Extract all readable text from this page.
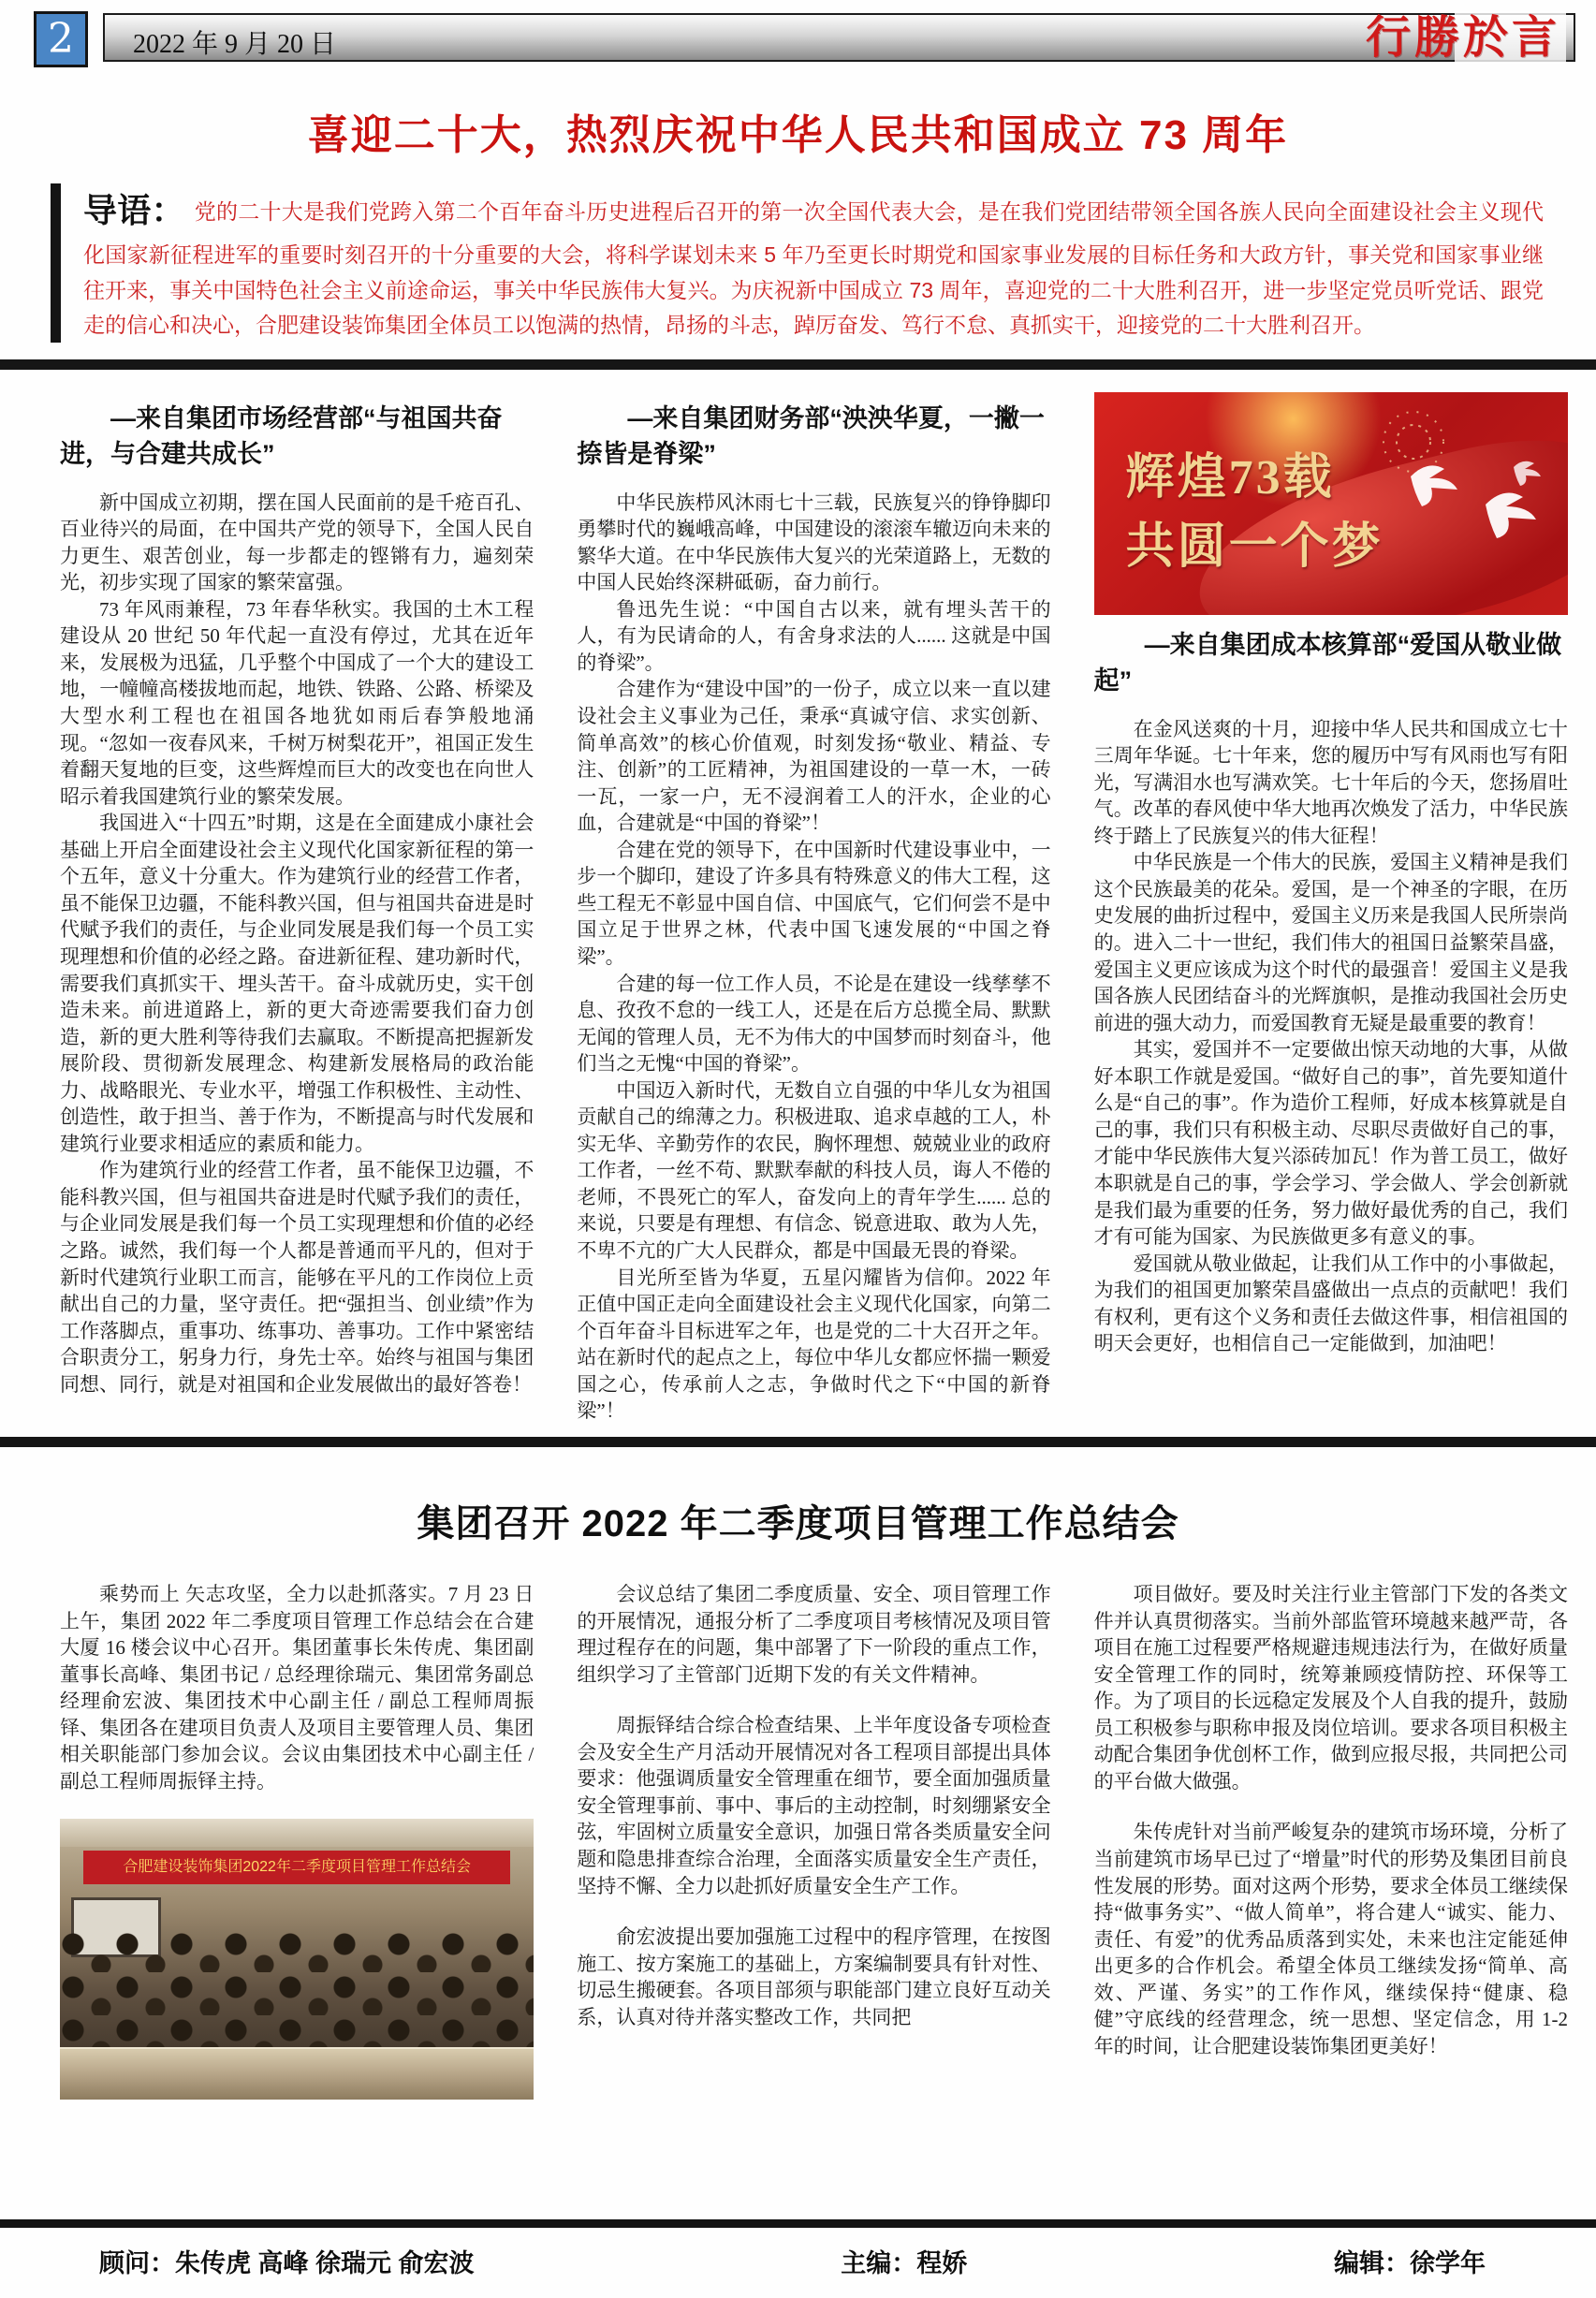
2	2022 年 9 月 20 日	行勝於言
喜迎二十大，热烈庆祝中华人民共和国成立 73 周年

导语： 党的二十大是我们党跨入第二个百年奋斗历史进程后召开的第一次全国代表大会，是在我们党团结带领全国各族人民向全面建设社会主义现代化国家新征程进军的重要时刻召开的十分重要的大会，将科学谋划未来 5 年乃至更长时期党和国家事业发展的目标任务和大政方针，事关党和国家事业继往开来，事关中国特色社会主义前途命运，事关中华民族伟大复兴。为庆祝新中国成立 73 周年，喜迎党的二十大胜利召开，进一步坚定党员听党话、跟党走的信心和决心，合肥建设装饰集团全体员工以饱满的热情，昂扬的斗志，踔厉奋发、笃行不怠、真抓实干，迎接党的二十大胜利召开。

—来自集团市场经营部“与祖国共奋进，与合建共成长”

新中国成立初期，摆在国人民面前的是千疮百孔、百业待兴的局面，在中国共产党的领导下，全国人民自力更生、艰苦创业，每一步都走的铿锵有力，遍刻荣光，初步实现了国家的繁荣富强。

73 年风雨兼程，73 年春华秋实。我国的土木工程建设从 20 世纪 50 年代起一直没有停过，尤其在近年来，发展极为迅猛，几乎整个中国成了一个大的建设工地，一幢幢高楼拔地而起，地铁、铁路、公路、桥梁及大型水利工程也在祖国各地犹如雨后春笋般地涌现。“忽如一夜春风来，千树万树梨花开”，祖国正发生着翻天复地的巨变，这些辉煌而巨大的改变也在向世人昭示着我国建筑行业的繁荣发展。

我国进入“十四五”时期，这是在全面建成小康社会基础上开启全面建设社会主义现代化国家新征程的第一个五年，意义十分重大。作为建筑行业的经营工作者，虽不能保卫边疆，不能科教兴国，但与祖国共奋进是时代赋予我们的责任，与企业同发展是我们每一个员工实现理想和价值的必经之路。奋进新征程、建功新时代，需要我们真抓实干、埋头苦干。奋斗成就历史，实干创造未来。前进道路上，新的更大奇迹需要我们奋力创造，新的更大胜利等待我们去赢取。不断提高把握新发展阶段、贯彻新发展理念、构建新发展格局的政治能力、战略眼光、专业水平，增强工作积极性、主动性、创造性，敢于担当、善于作为，不断提高与时代发展和建筑行业要求相适应的素质和能力。

作为建筑行业的经营工作者，虽不能保卫边疆，不能科教兴国，但与祖国共奋进是时代赋予我们的责任，与企业同发展是我们每一个员工实现理想和价值的必经之路。诚然，我们每一个人都是普通而平凡的，但对于新时代建筑行业职工而言，能够在平凡的工作岗位上贡献出自己的力量，坚守责任。把“强担当、创业绩”作为工作落脚点，重事功、练事功、善事功。工作中紧密结合职责分工，躬身力行，身先士卒。始终与祖国与集团同想、同行，就是对祖国和企业发展做出的最好答卷！

—来自集团财务部“泱泱华夏，一撇一捺皆是脊梁”

中华民族栉风沐雨七十三载，民族复兴的铮铮脚印勇攀时代的巍峨高峰，中国建设的滚滚车辙迈向未来的繁华大道。在中华民族伟大复兴的光荣道路上，无数的中国人民始终深耕砥砺，奋力前行。

鲁迅先生说：“中国自古以来，就有埋头苦干的人，有为民请命的人，有舍身求法的人...... 这就是中国的脊梁”。

合建作为“建设中国”的一份子，成立以来一直以建设社会主义事业为己任，秉承“真诚守信、求实创新、简单高效”的核心价值观，时刻发扬“敬业、精益、专注、创新”的工匠精神，为祖国建设的一草一木，一砖一瓦，一家一户，无不浸润着工人的汗水，企业的心血，合建就是“中国的脊梁”！

合建在党的领导下，在中国新时代建设事业中，一步一个脚印，建设了许多具有特殊意义的伟大工程，这些工程无不彰显中国自信、中国底气，它们何尝不是中国立足于世界之林，代表中国飞速发展的“中国之脊梁”。

合建的每一位工作人员，不论是在建设一线孳孳不息、孜孜不怠的一线工人，还是在后方总揽全局、默默无闻的管理人员，无不为伟大的中国梦而时刻奋斗，他们当之无愧“中国的脊梁”。

中国迈入新时代，无数自立自强的中华儿女为祖国贡献自己的绵薄之力。积极进取、追求卓越的工人，朴实无华、辛勤劳作的农民，胸怀理想、兢兢业业的政府工作者，一丝不苟、默默奉献的科技人员，诲人不倦的老师，不畏死亡的军人，奋发向上的青年学生...... 总的来说，只要是有理想、有信念、锐意进取、敢为人先，不卑不亢的广大人民群众，都是中国最无畏的脊梁。

目光所至皆为华夏，五星闪耀皆为信仰。2022 年正值中国正走向全面建设社会主义现代化国家，向第二个百年奋斗目标进军之年，也是党的二十大召开之年。站在新时代的起点之上，每位中华儿女都应怀揣一颗爱国之心，传承前人之志，争做时代之下“中国的新脊梁”！

辉煌73载
共圆一个梦
—来自集团成本核算部“爱国从敬业做起”

在金风送爽的十月，迎接中华人民共和国成立七十三周年华诞。七十年来，您的履历中写有风雨也写有阳光，写满泪水也写满欢笑。七十年后的今天，您扬眉吐气。改革的春风使中华大地再次焕发了活力，中华民族终于踏上了民族复兴的伟大征程！

中华民族是一个伟大的民族，爱国主义精神是我们这个民族最美的花朵。爱国，是一个神圣的字眼，在历史发展的曲折过程中，爱国主义历来是我国人民所崇尚的。进入二十一世纪，我们伟大的祖国日益繁荣昌盛，爱国主义更应该成为这个时代的最强音！爱国主义是我国各族人民团结奋斗的光辉旗帜，是推动我国社会历史前进的强大动力，而爱国教育无疑是最重要的教育！

其实，爱国并不一定要做出惊天动地的大事，从做好本职工作就是爱国。“做好自己的事”，首先要知道什么是“自己的事”。作为造价工程师，好成本核算就是自己的事，我们只有积极主动、尽职尽责做好自己的事，才能中华民族伟大复兴添砖加瓦！作为普工员工，做好本职就是自己的事，学会学习、学会做人、学会创新就是我们最为重要的任务，努力做好最优秀的自己，我们才有可能为国家、为民族做更多有意义的事。

爱国就从敬业做起，让我们从工作中的小事做起，为我们的祖国更加繁荣昌盛做出一点点的贡献吧！我们有权利，更有这个义务和责任去做这件事，相信祖国的明天会更好，也相信自己一定能做到，加油吧！

集团召开 2022 年二季度项目管理工作总结会

乘势而上 矢志攻坚，全力以赴抓落实。7 月 23 日上午，集团 2022 年二季度项目管理工作总结会在合建大厦 16 楼会议中心召开。集团董事长朱传虎、集团副董事长高峰、集团书记 / 总经理徐瑞元、集团常务副总经理俞宏波、集团技术中心副主任 / 副总工程师周振铎、集团各在建项目负责人及项目主要管理人员、集团相关职能部门参加会议。会议由集团技术中心副主任 / 副总工程师周振铎主持。

合肥建设装饰集团2022年二季度项目管理工作总结会

会议总结了集团二季度质量、安全、项目管理工作的开展情况，通报分析了二季度项目考核情况及项目管理过程存在的问题，集中部署了下一阶段的重点工作，组织学习了主管部门近期下发的有关文件精神。

周振铎结合综合检查结果、上半年度设备专项检查会及安全生产月活动开展情况对各工程项目部提出具体要求：他强调质量安全管理重在细节，要全面加强质量安全管理事前、事中、事后的主动控制，时刻绷紧安全弦，牢固树立质量安全意识，加强日常各类质量安全问题和隐患排查综合治理，全面落实质量安全生产责任，坚持不懈、全力以赴抓好质量安全生产工作。

俞宏波提出要加强施工过程中的程序管理，在按图施工、按方案施工的基础上，方案编制要具有针对性、切忌生搬硬套。各项目部须与职能部门建立良好互动关系，认真对待并落实整改工作，共同把

项目做好。要及时关注行业主管部门下发的各类文件并认真贯彻落实。当前外部监管环境越来越严苛，各项目在施工过程要严格规避违规违法行为，在做好质量安全管理工作的同时，统筹兼顾疫情防控、环保等工作。为了项目的长远稳定发展及个人自我的提升，鼓励员工积极参与职称申报及岗位培训。要求各项目积极主动配合集团争优创杯工作，做到应报尽报，共同把公司的平台做大做强。

朱传虎针对当前严峻复杂的建筑市场环境，分析了当前建筑市场早已过了“增量”时代的形势及集团目前良性发展的形势。面对这两个形势，要求全体员工继续保持“做事务实”、“做人简单”，将合建人“诚实、能力、责任、有爱”的优秀品质落到实处，未来也注定能延伸出更多的合作机会。希望全体员工继续发扬“简单、高效、严谨、务实”的工作作风，继续保持“健康、稳健”守底线的经营理念，统一思想、坚定信念，用 1-2 年的时间，让合肥建设装饰集团更美好！

顾问：朱传虎 高峰 徐瑞元 俞宏波	主编：程娇	编辑：徐学年
